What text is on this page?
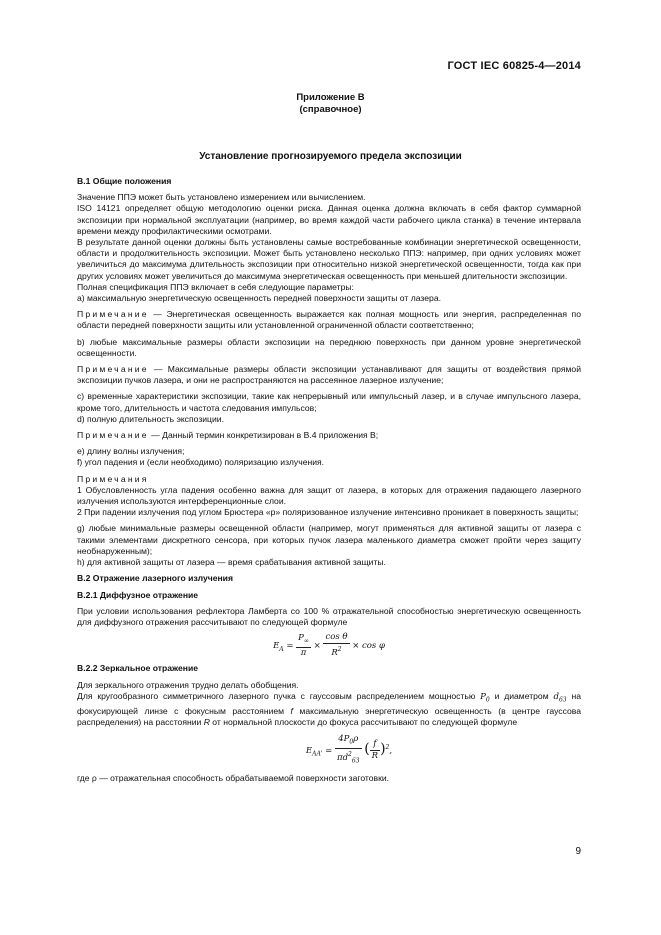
ГОСТ IEC 60825-4—2014
Приложение В
(справочное)
Установление прогнозируемого предела экспозиции

В.1 Общие положения

Значение ППЭ может быть установлено измерением или вычислением.

ISO 14121 определяет общую методологию оценки риска. Данная оценка должна включать в себя фактор суммарной экспозиции при нормальной эксплуатации (например, во время каждой части рабочего цикла станка) в течение интервала времени между профилактическими осмотрами.

В результате данной оценки должны быть установлены самые востребованные комбинации энергетической освещенности, области и продолжительность экспозиции. Может быть установлено несколько ППЭ: например, при одних условиях может увеличиться до максимума длительность экспозиции при относительно низкой энергетической освещенности, тогда как при других условиях может увеличиться до максимума энергетическая освещенность при меньшей длительности экспозиции.

Полная спецификация ППЭ включает в себя следующие параметры:

а) максимальную энергетическую освещенность передней поверхности защиты от лазера.

Примечание — Энергетическая освещенность выражается как полная мощность или энергия, распределенная по области передней поверхности защиты или установленной ограниченной области соответственно;

b) любые максимальные размеры области экспозиции на переднюю поверхность при данном уровне энергетической освещенности.

Примечание — Максимальные размеры области экспозиции устанавливают для защиты от воздействия прямой экспозиции пучков лазера, и они не распространяются на рассеянное лазерное излучение;

с) временные характеристики экспозиции, такие как непрерывный или импульсный лазер, и в случае импульсного лазера, кроме того, длительность и частота следования импульсов;

d) полную длительность экспозиции.

Примечание — Данный термин конкретизирован в В.4 приложения В;

е) длину волны излучения;

f) угол падения и (если необходимо) поляризацию излучения.

Примечания

1 Обусловленность угла падения особенно важна для защит от лазера, в которых для отражения падающего лазерного излучения используются интерференционные слои.

2 При падении излучения под углом Брюстера «р» поляризованное излучение интенсивно проникает в поверхность защиты;

g) любые минимальные размеры освещенной области (например, могут применяться для активной защиты от лазера с такими элементами дискретного сенсора, при которых пучок лазера маленького диаметра сможет пройти через защиту необнаруженным);

h) для активной защиты от лазера — время срабатывания активной защиты.

В.2 Отражение лазерного излучения

В.2.1 Диффузное отражение

При условии использования рефлектора Ламберта со 100 % отражательной способностью энергетическую освещенность для диффузного отражения рассчитывают по следующей формуле

$E_A = \frac{P_\infty}{\pi} \times \frac{\text{cos θ}}{R^2} \times \cos \varphi$

В.2.2 Зеркальное отражение

Для зеркального отражения трудно делать обобщения.

Для кругообразного симметричного лазерного пучка с гауссовым распределением мощностью $P_0$ и диаметром $d_{63}$ на фокусирующей линзе с фокусным расстоянием f максимальную энергетическую освещенность (в центре гауссова распределения) на расстоянии R от нормальной плоскости до фокуса рассчитывают по следующей формуле

$E_{AA'} = \frac{4P_0\rho}{\pi d^2_{63}}$ ( $\frac{f}{R} )^2$,

где ρ — отражательная способность обрабатываемой поверхности заготовки.

9
